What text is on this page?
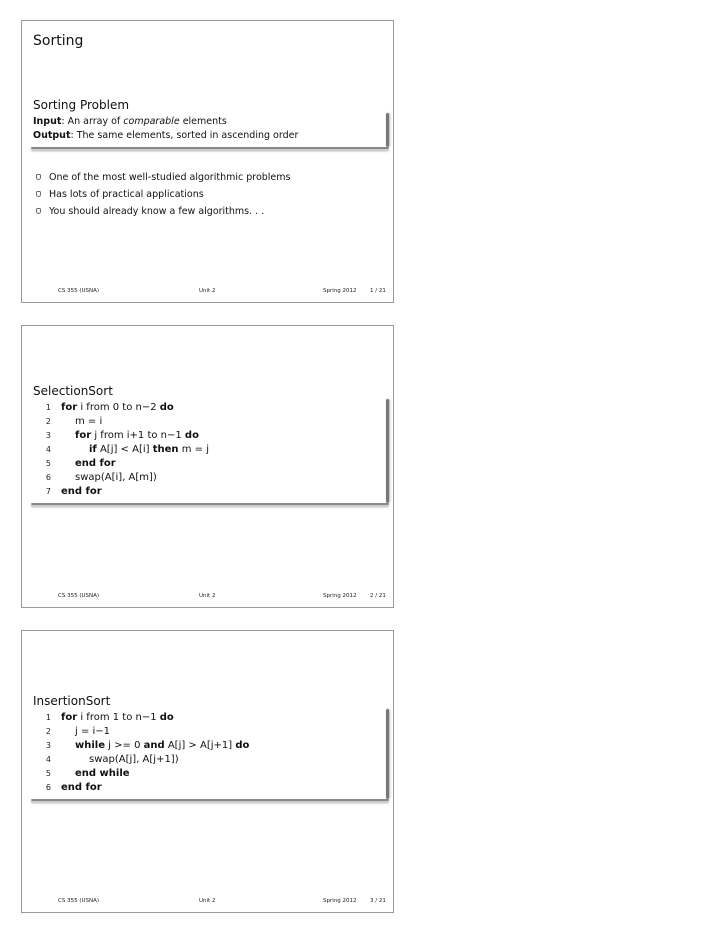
Sorting
Sorting Problem
Input: An array of comparable elements
Output: The same elements, sorted in ascending order
One of the most well-studied algorithmic problems
Has lots of practical applications
You should already know a few algorithms. . .
CS 355 (USNA)	Unit 2	Spring 2012 1 / 21
SelectionSort
1 for i from 0 to n−2 do
2 m = i
3 for j from i+1 to n−1 do
4	if A[j] < A[i] then m = j
5 end for
6 swap(A[i], A[m])
7 end for
CS 355 (USNA)	Unit 2	Spring 2012 2 / 21
InsertionSort
1 for i from 1 to n−1 do
2 j = i−1
3 while j >= 0 and A[j] > A[j+1] do
4	swap(A[j], A[j+1])
5 end while
6 end for
CS 355 (USNA)	Unit 2	Spring 2012 3 / 21
